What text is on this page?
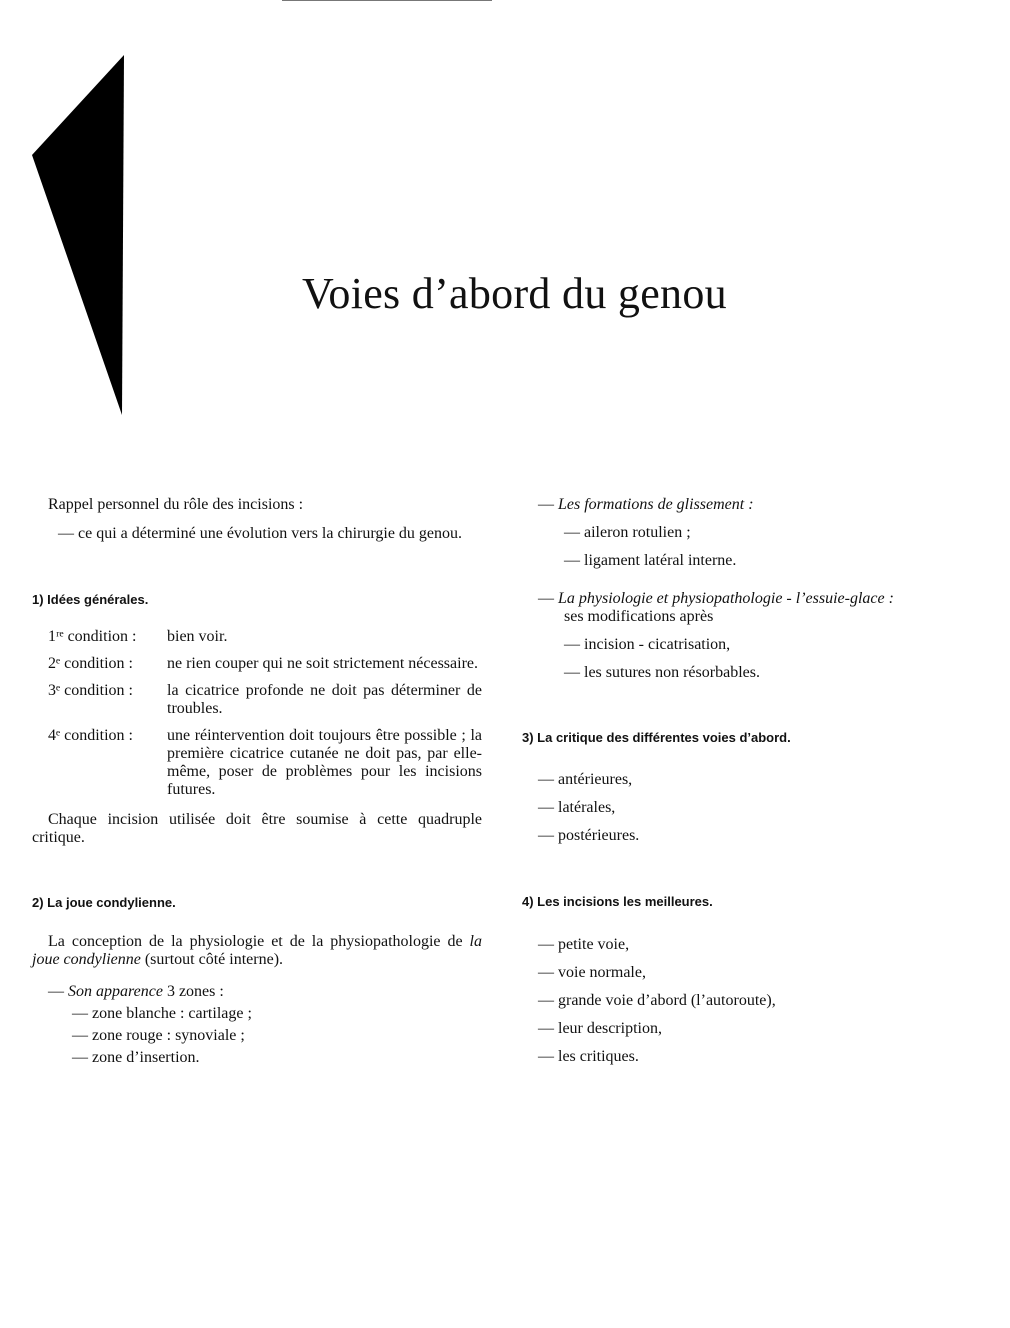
Voies d’abord du genou

Rappel personnel du rôle des incisions :

— ce qui a déterminé une évolution vers la chirurgie du genou.

1) Idées générales.

1ʳᵉ condition :	bien voir.
2ᵉ condition :	ne rien couper qui ne soit strictement nécessaire.
3ᵉ condition :	la cicatrice profonde ne doit pas déterminer de troubles.
4ᵉ condition :	une réintervention doit toujours être possible ; la première cicatrice cutanée ne doit pas, par elle-même, poser de problèmes pour les incisions futures.

Chaque incision utilisée doit être soumise à cette quadruple critique.

2) La joue condylienne.

La conception de la physiologie et de la physiopathologie de la joue condylienne (surtout côté interne).

— Son apparence 3 zones :

— zone blanche : cartilage ;

— zone rouge : synoviale ;

— zone d’insertion.

— Les formations de glissement :

— aileron rotulien ;

— ligament latéral interne.

— La physiologie et physiopathologie - l’essuie-glace :

ses modifications après

— incision - cicatrisation,

— les sutures non résorbables.

3) La critique des différentes voies d’abord.

— antérieures,

— latérales,

— postérieures.

4) Les incisions les meilleures.

— petite voie,

— voie normale,

— grande voie d’abord (l’autoroute),

— leur description,

— les critiques.
